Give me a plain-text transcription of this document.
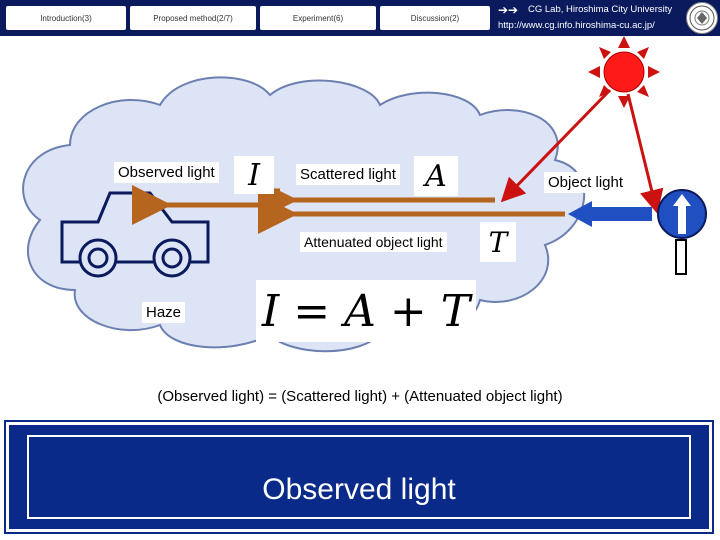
Introduction(3)	Proposed method(2/7)	Experiment(6)	Discussion(2)
➔➔	CG Lab, Hiroshima City University
http://www.cg.info.hiroshima-cu.ac.jp/
Observed light	I	Scattered light A	Object light
Attenuated object light	T
Haze I = A + T
(Observed light) = (Scattered light) + (Attenuated object light)
Observed light
